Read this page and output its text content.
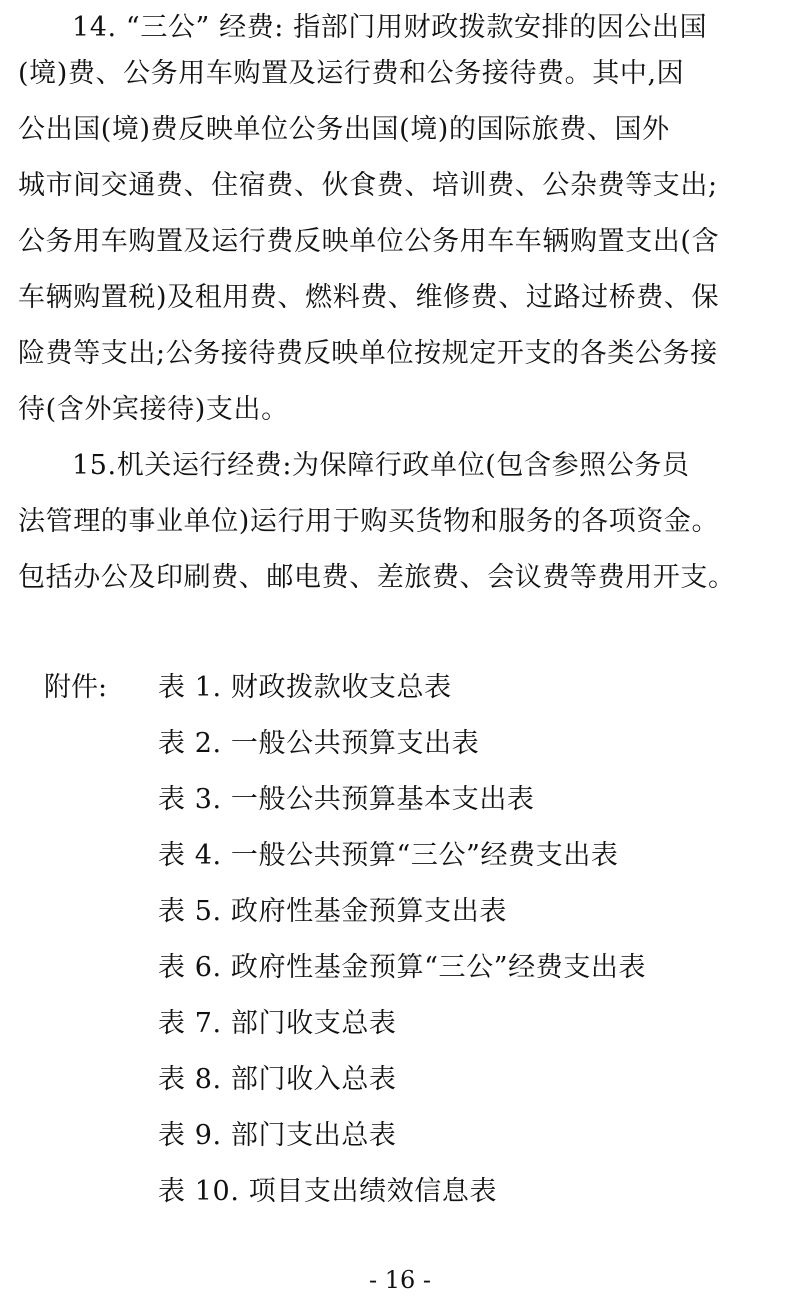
14. “三公” 经费: 指部门用财政拨款安排的因公出国
(境)费、公务用车购置及运行费和公务接待费。其中,因
公出国(境)费反映单位公务出国(境)的国际旅费、国外
城市间交通费、住宿费、伙食费、培训费、公杂费等支出;
公务用车购置及运行费反映单位公务用车车辆购置支出(含
车辆购置税)及租用费、燃料费、维修费、过路过桥费、保
险费等支出;公务接待费反映单位按规定开支的各类公务接
待(含外宾接待)支出。
15.机关运行经费:为保障行政单位(包含参照公务员
法管理的事业单位)运行用于购买货物和服务的各项资金。
包括办公及印刷费、邮电费、差旅费、会议费等费用开支。
附件: 表 1. 财政拨款收支总表
表 2. 一般公共预算支出表
表 3. 一般公共预算基本支出表
表 4. 一般公共预算“三公”经费支出表
表 5. 政府性基金预算支出表
表 6. 政府性基金预算“三公”经费支出表
表 7. 部门收支总表
表 8. 部门收入总表
表 9. 部门支出总表
表 10. 项目支出绩效信息表
- 16 -
